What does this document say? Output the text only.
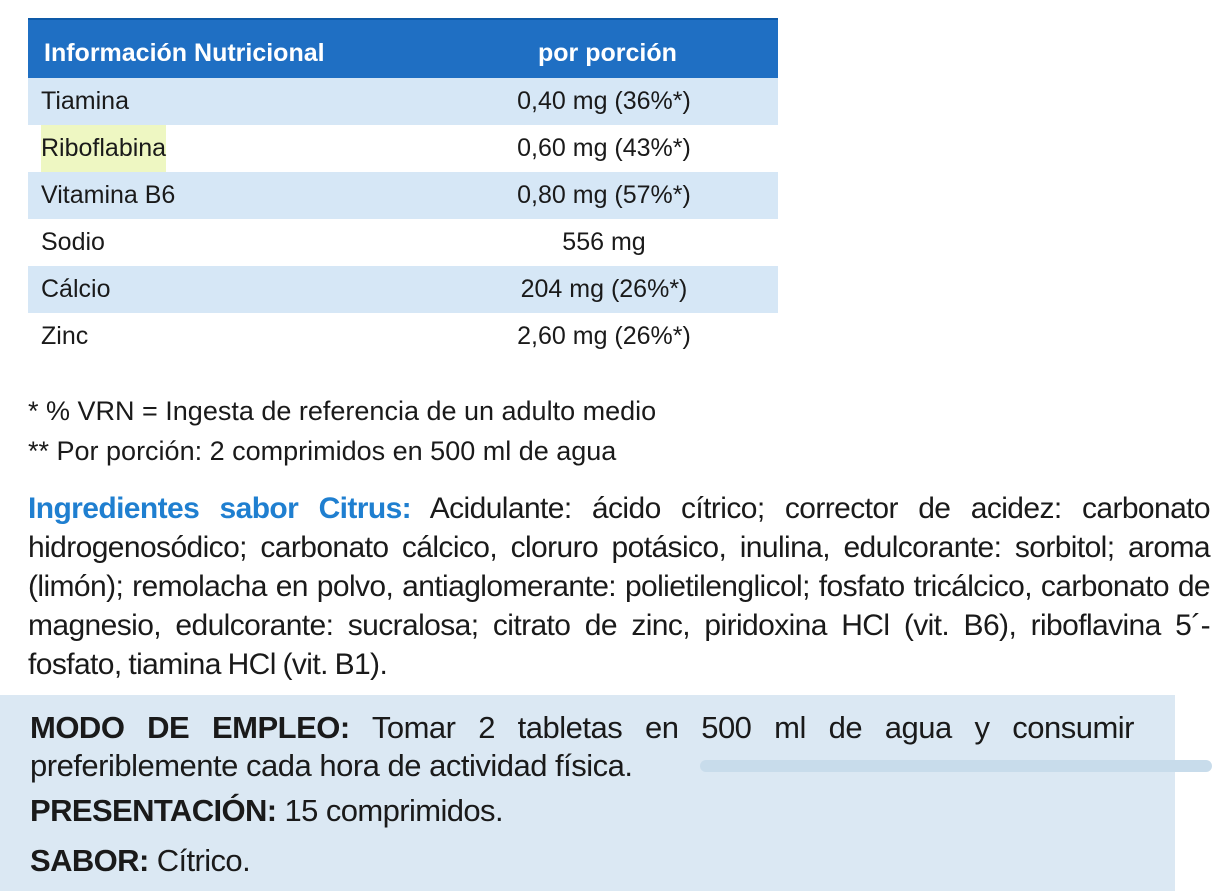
Información Nutricional	por porción
Tiamina	0,40 mg (36%*)
Riboflabina	0,60 mg (43%*)
Vitamina B6	0,80 mg (57%*)
Sodio	556 mg
Cálcio	204 mg (26%*)
Zinc	2,60 mg (26%*)
* % VRN = Ingesta de referencia de un adulto medio
** Por porción: 2 comprimidos en 500 ml de agua
Ingredientes sabor Citrus: Acidulante: ácido cítrico; corrector de acidez: carbonato hidrogenosódico; carbonato cálcico, cloruro potásico, inulina, edulcorante: sorbitol; aroma (limón); remolacha en polvo, antiaglomerante: polietilenglicol; fosfato tricálcico, carbonato de magnesio, edulcorante: sucralosa; citrato de zinc, piridoxina HCl (vit. B6), riboflavina 5´-fosfato, tiamina HCl (vit. B1).
MODO DE EMPLEO: Tomar 2 tabletas en 500 ml de agua y consumir preferiblemente cada hora de actividad física.
PRESENTACIÓN: 15 comprimidos.
SABOR: Cítrico.
